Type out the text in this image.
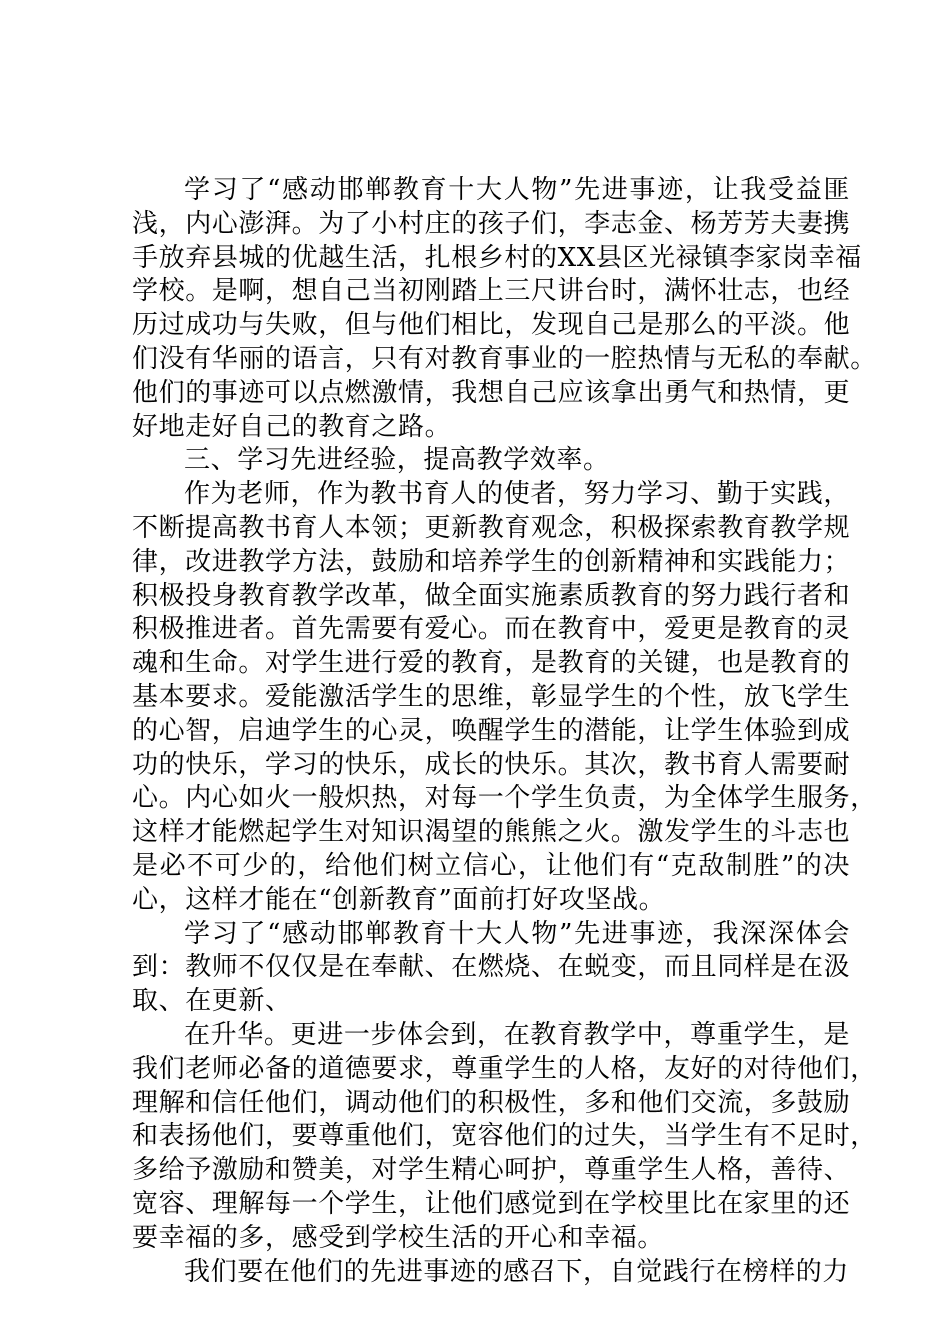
学习了“感动邯郸教育十大人物”先进事迹，让我受益匪
浅，内心澎湃。为了小村庄的孩子们，李志金、杨芳芳夫妻携
手放弃县城的优越生活，扎根乡村的XX县区光禄镇李家岗幸福
学校。是啊，想自己当初刚踏上三尺讲台时，满怀壮志，也经
历过成功与失败，但与他们相比，发现自己是那么的平淡。他
们没有华丽的语言，只有对教育事业的一腔热情与无私的奉献。
他们的事迹可以点燃激情，我想自己应该拿出勇气和热情，更
好地走好自己的教育之路。
三、学习先进经验，提高教学效率。
作为老师，作为教书育人的使者，努力学习、勤于实践，
不断提高教书育人本领；更新教育观念，积极探索教育教学规
律，改进教学方法，鼓励和培养学生的创新精神和实践能力；
积极投身教育教学改革，做全面实施素质教育的努力践行者和
积极推进者。首先需要有爱心。而在教育中，爱更是教育的灵
魂和生命。对学生进行爱的教育，是教育的关键，也是教育的
基本要求。爱能激活学生的思维，彰显学生的个性，放飞学生
的心智，启迪学生的心灵，唤醒学生的潜能，让学生体验到成
功的快乐，学习的快乐，成长的快乐。其次，教书育人需要耐
心。内心如火一般炽热，对每一个学生负责，为全体学生服务，
这样才能燃起学生对知识渴望的熊熊之火。激发学生的斗志也
是必不可少的，给他们树立信心，让他们有“克敌制胜”的决
心，这样才能在“创新教育”面前打好攻坚战。
学习了“感动邯郸教育十大人物”先进事迹，我深深体会
到：教师不仅仅是在奉献、在燃烧、在蜕变，而且同样是在汲
取、在更新、
在升华。更进一步体会到，在教育教学中，尊重学生，是
我们老师必备的道德要求，尊重学生的人格，友好的对待他们，
理解和信任他们，调动他们的积极性，多和他们交流，多鼓励
和表扬他们，要尊重他们，宽容他们的过失，当学生有不足时，
多给予激励和赞美，对学生精心呵护，尊重学生人格，善待、
宽容、理解每一个学生，让他们感觉到在学校里比在家里的还
要幸福的多，感受到学校生活的开心和幸福。
我们要在他们的先进事迹的感召下，自觉践行在榜样的力
